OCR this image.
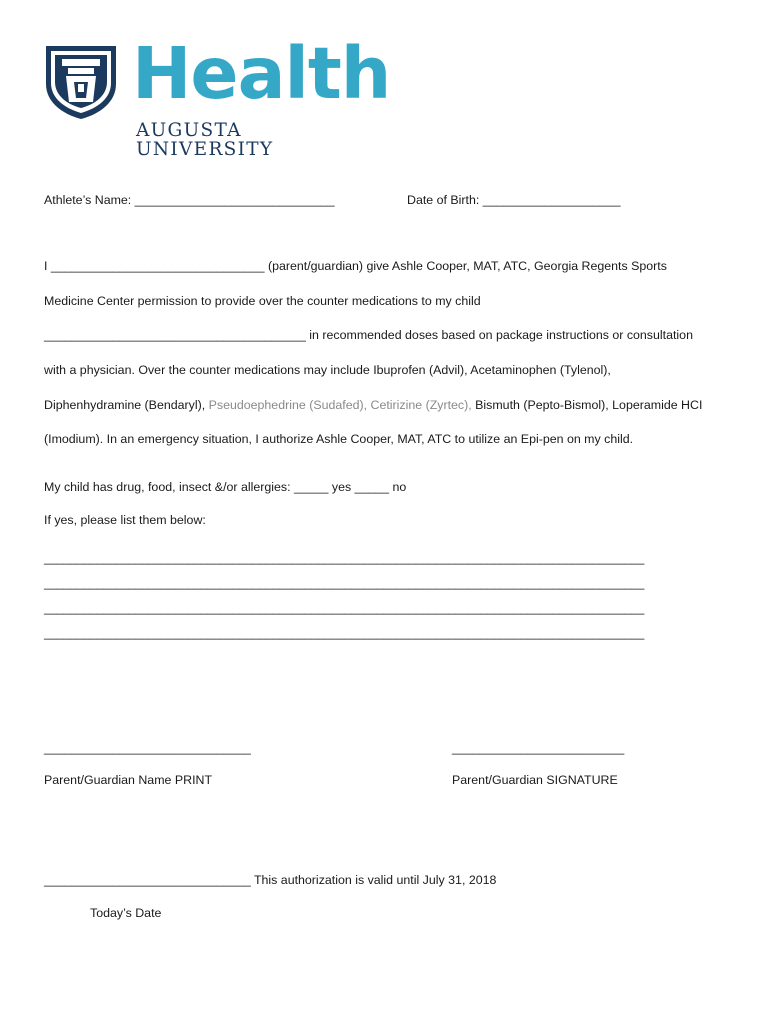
Health
AUGUSTA UNIVERSITY
Athlete’s Name: _____________________________	Date of Birth: ____________________
I _______________________________ (parent/guardian) give Ashle Cooper, MAT, ATC, Georgia Regents Sports
Medicine Center permission to provide over the counter medications to my child
______________________________________ in recommended doses based on package instructions or consultation
with a physician. Over the counter medications may include Ibuprofen (Advil), Acetaminophen (Tylenol),
Diphenhydramine (Bendaryl), Pseudoephedrine (Sudafed), Cetirizine (Zyrtec), Bismuth (Pepto-Bismol), Loperamide HCI
(Imodium). In an emergency situation, I authorize Ashle Cooper, MAT, ATC to utilize an Epi-pen on my child.
My child has drug, food, insect &/or allergies: _____ yes _____ no
If yes, please list them below:
____________________________________________________________________________________________
____________________________________________________________________________________________
____________________________________________________________________________________________
____________________________________________________________________________________________
______________________________
Parent/Guardian Name PRINT
_________________________
Parent/Guardian SIGNATURE
______________________________ This authorization is valid until July 31, 2018
Today’s Date
